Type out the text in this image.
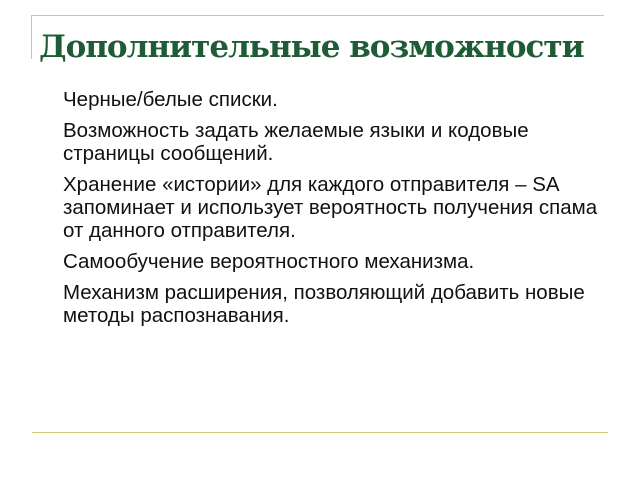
Дополнительные возможности
Черные/белые списки.
Возможность задать желаемые языки и кодовые страницы сообщений.
Хранение «истории» для каждого отправителя – SA запоминает и использует вероятность получения спама от данного отправителя.
Самообучение вероятностного механизма.
Механизм расширения, позволяющий добавить новые методы распознавания.
